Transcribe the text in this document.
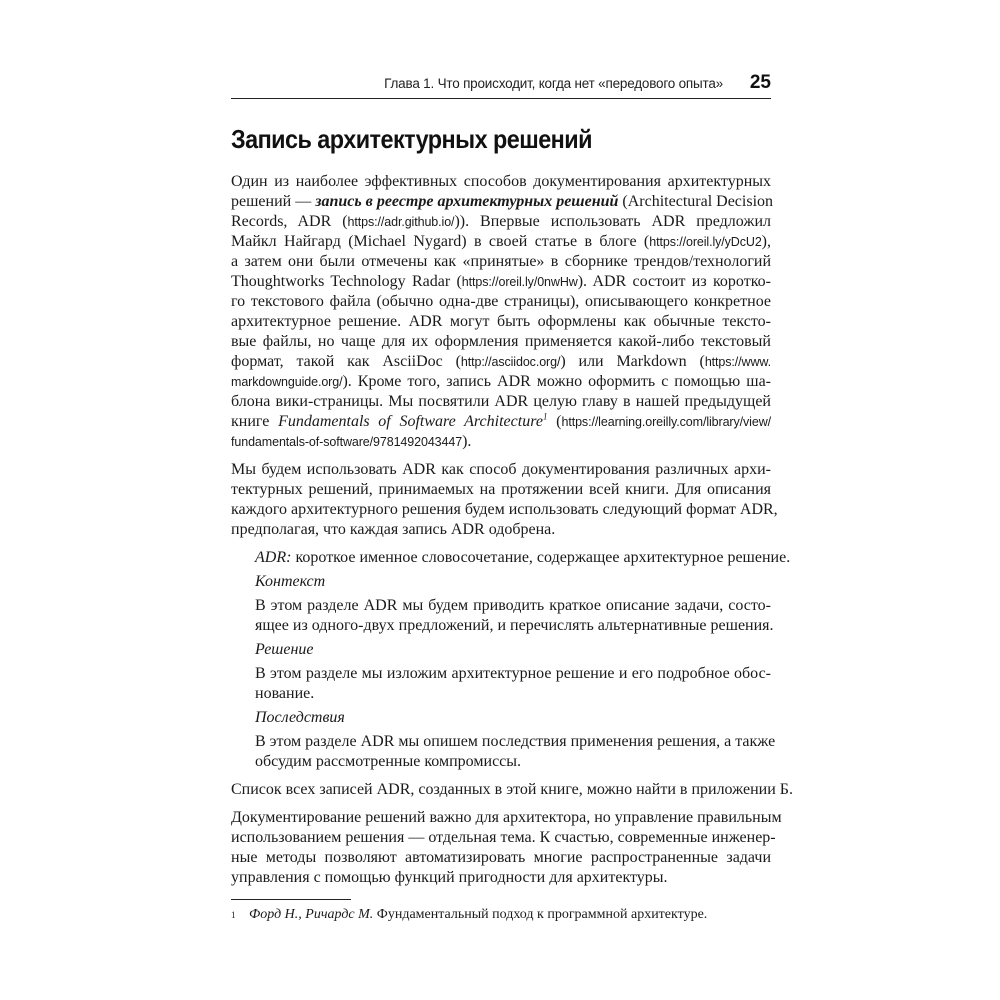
Глава 1. Что происходит, когда нет «передового опыта» 25
Запись архитектурных решений
Один из наиболее эффективных способов документирования архитектурных
решений — запись в реестре архитектурных решений (Architectural Decision
Records, ADR (https://adr.github.io/)). Впервые использовать ADR предложил
Майкл Найгард (Michael Nygard) в своей статье в блоге (https://oreil.ly/yDcU2),
а затем они были отмечены как «принятые» в сборнике трендов/технологий
Thoughtworks Technology Radar (https://oreil.ly/0nwHw). ADR состоит из коротко-
го текстового файла (обычно одна-две страницы), описывающего конкретное
архитектурное решение. ADR могут быть оформлены как обычные тексто-
вые файлы, но чаще для их оформления применяется какой-либо текстовый
формат, такой как AsciiDoc (http://asciidoc.org/) или Markdown (https://www.
markdownguide.org/). Кроме того, запись ADR можно оформить с помощью ша-
блона вики-страницы. Мы посвятили ADR целую главу в нашей предыдущей
книге Fundamentals of Software Architecture$^1$ (https://learning.oreilly.com/library/view/
fundamentals-of-software/9781492043447).
Мы будем использовать ADR как способ документирования различных архи-
тектурных решений, принимаемых на протяжении всей книги. Для описания
каждого архитектурного решения будем использовать следующий формат ADR,
предполагая, что каждая запись ADR одобрена.
ADR: короткое именное словосочетание, содержащее архитектурное решение.
Контекст
В этом разделе ADR мы будем приводить краткое описание задачи, состо-
ящее из одного-двух предложений, и перечислять альтернативные решения.
Решение
В этом разделе мы изложим архитектурное решение и его подробное обос-
нование.
Последствия
В этом разделе ADR мы опишем последствия применения решения, а также
обсудим рассмотренные компромиссы.
Список всех записей ADR, созданных в этой книге, можно найти в приложении Б.
Документирование решений важно для архитектора, но управление правильным
использованием решения — отдельная тема. К счастью, современные инженер-
ные методы позволяют автоматизировать многие распространенные задачи
управления с помощью функций пригодности для архитектуры.
1 Форд Н., Ричардс М. Фундаментальный подход к программной архитектуре.
